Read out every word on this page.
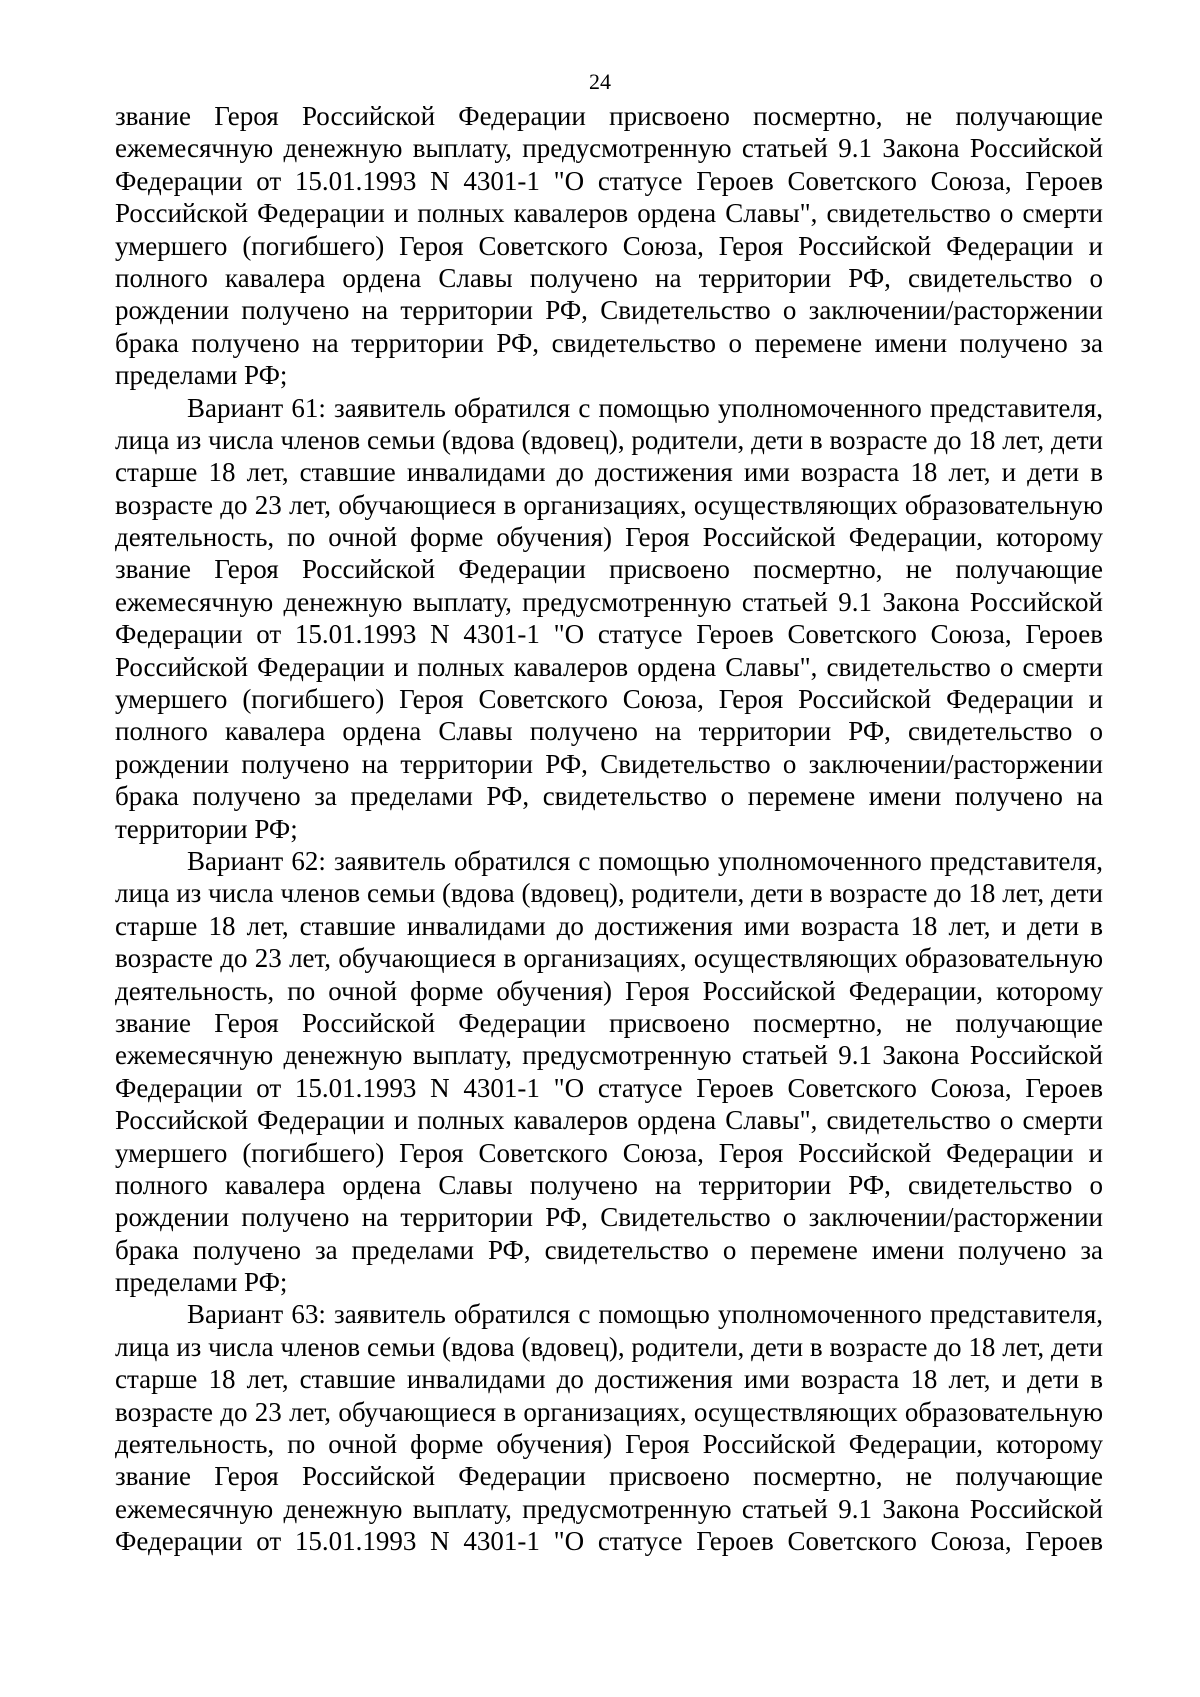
24
звание Героя Российской Федерации присвоено посмертно, не получающие
ежемесячную денежную выплату, предусмотренную статьей 9.1 Закона Российской
Федерации от 15.01.1993 N 4301-1 "О статусе Героев Советского Союза, Героев
Российской Федерации и полных кавалеров ордена Славы", свидетельство о смерти
умершего (погибшего) Героя Советского Союза, Героя Российской Федерации и
полного кавалера ордена Славы получено на территории РФ, свидетельство о
рождении получено на территории РФ, Свидетельство о заключении/расторжении
брака получено на территории РФ, свидетельство о перемене имени получено за
пределами РФ;
Вариант 61: заявитель обратился с помощью уполномоченного представителя,
лица из числа членов семьи (вдова (вдовец), родители, дети в возрасте до 18 лет, дети
старше 18 лет, ставшие инвалидами до достижения ими возраста 18 лет, и дети в
возрасте до 23 лет, обучающиеся в организациях, осуществляющих образовательную
деятельность, по очной форме обучения) Героя Российской Федерации, которому
звание Героя Российской Федерации присвоено посмертно, не получающие
ежемесячную денежную выплату, предусмотренную статьей 9.1 Закона Российской
Федерации от 15.01.1993 N 4301-1 "О статусе Героев Советского Союза, Героев
Российской Федерации и полных кавалеров ордена Славы", свидетельство о смерти
умершего (погибшего) Героя Советского Союза, Героя Российской Федерации и
полного кавалера ордена Славы получено на территории РФ, свидетельство о
рождении получено на территории РФ, Свидетельство о заключении/расторжении
брака получено за пределами РФ, свидетельство о перемене имени получено на
территории РФ;
Вариант 62: заявитель обратился с помощью уполномоченного представителя,
лица из числа членов семьи (вдова (вдовец), родители, дети в возрасте до 18 лет, дети
старше 18 лет, ставшие инвалидами до достижения ими возраста 18 лет, и дети в
возрасте до 23 лет, обучающиеся в организациях, осуществляющих образовательную
деятельность, по очной форме обучения) Героя Российской Федерации, которому
звание Героя Российской Федерации присвоено посмертно, не получающие
ежемесячную денежную выплату, предусмотренную статьей 9.1 Закона Российской
Федерации от 15.01.1993 N 4301-1 "О статусе Героев Советского Союза, Героев
Российской Федерации и полных кавалеров ордена Славы", свидетельство о смерти
умершего (погибшего) Героя Советского Союза, Героя Российской Федерации и
полного кавалера ордена Славы получено на территории РФ, свидетельство о
рождении получено на территории РФ, Свидетельство о заключении/расторжении
брака получено за пределами РФ, свидетельство о перемене имени получено за
пределами РФ;
Вариант 63: заявитель обратился с помощью уполномоченного представителя,
лица из числа членов семьи (вдова (вдовец), родители, дети в возрасте до 18 лет, дети
старше 18 лет, ставшие инвалидами до достижения ими возраста 18 лет, и дети в
возрасте до 23 лет, обучающиеся в организациях, осуществляющих образовательную
деятельность, по очной форме обучения) Героя Российской Федерации, которому
звание Героя Российской Федерации присвоено посмертно, не получающие
ежемесячную денежную выплату, предусмотренную статьей 9.1 Закона Российской
Федерации от 15.01.1993 N 4301-1 "О статусе Героев Советского Союза, Героев
